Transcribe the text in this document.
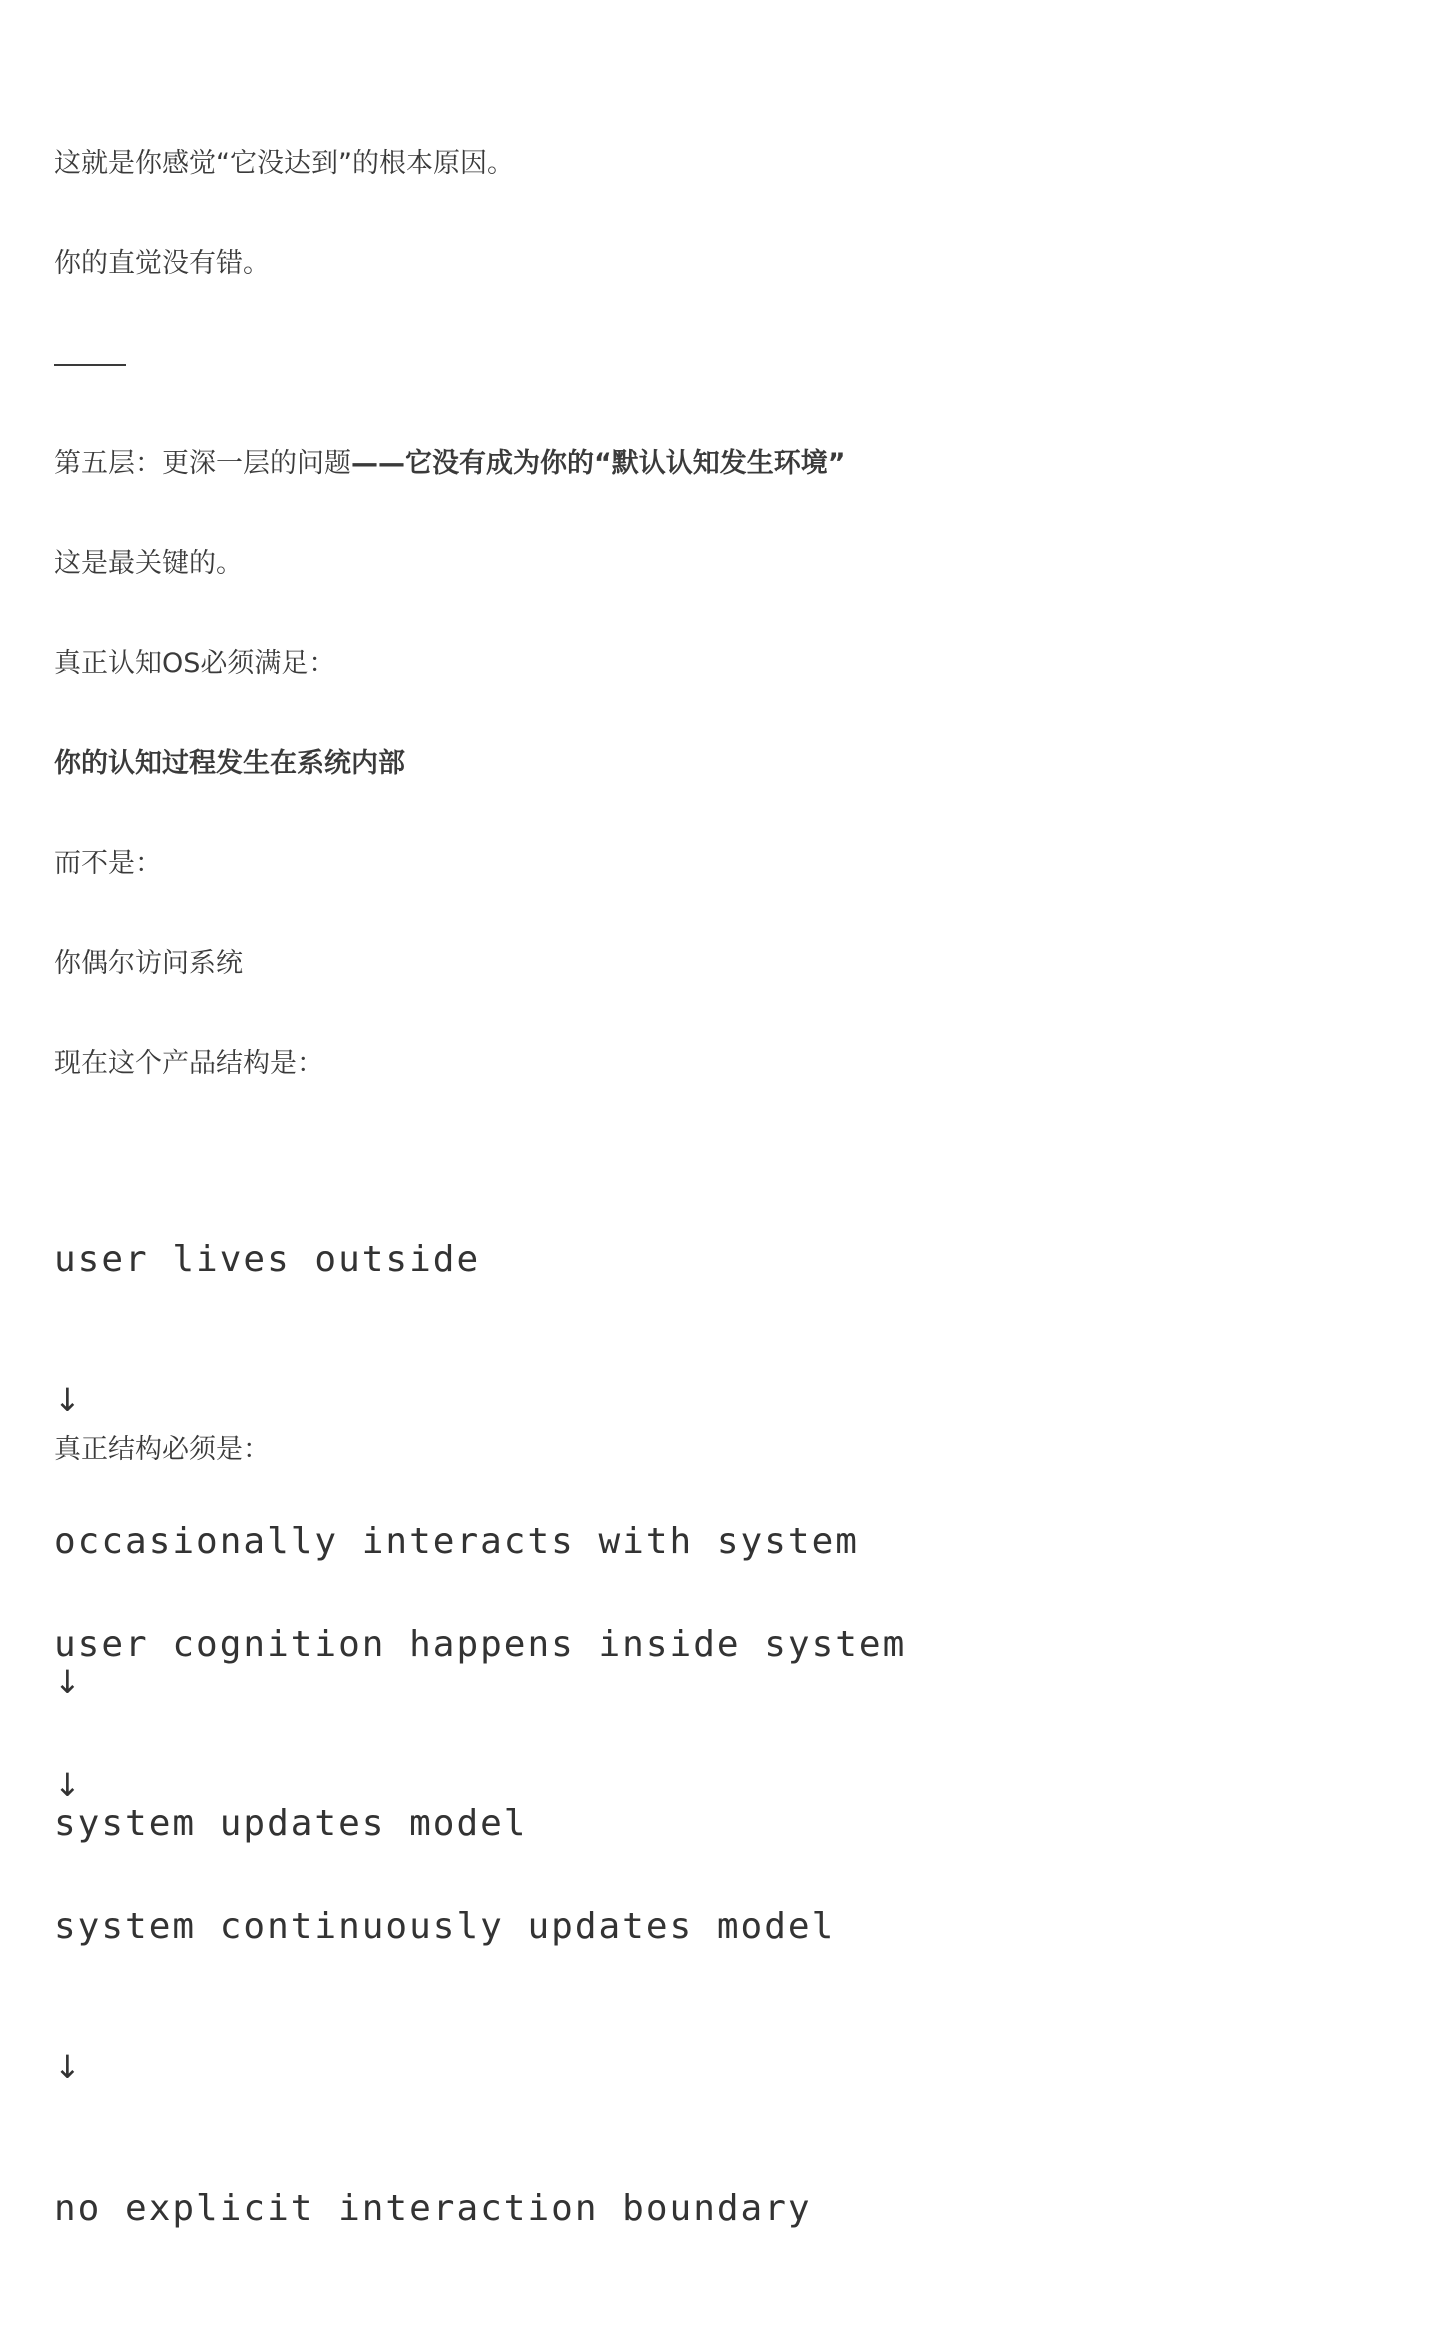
这就是你感觉“它没达到”的根本原因。
你的直觉没有错。
第五层：更深一层的问题——它没有成为你的“默认认知发生环境”
这是最关键的。
真正认知OS必须满足：
你的认知过程发生在系统内部
而不是：
你偶尔访问系统
现在这个产品结构是：

user lives outside

↓

occasionally interacts with system

↓

system updates model

真正结构必须是：

user cognition happens inside system

↓

system continuously updates model

↓

no explicit interaction boundary
